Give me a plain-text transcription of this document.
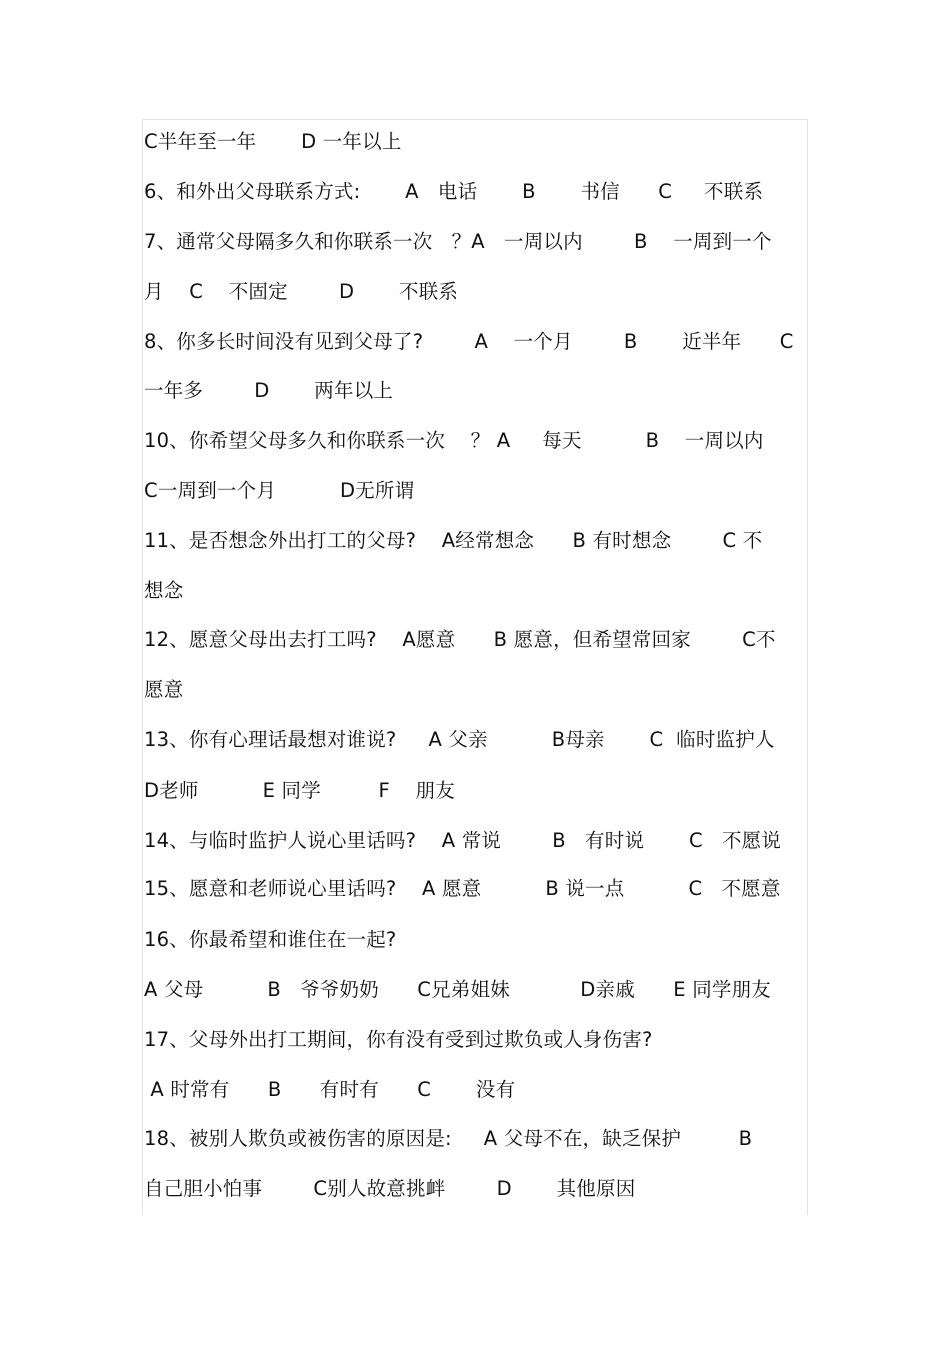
C半年至一年       D 一年以上
6、和外出父母联系方式:       A   电话       B       书信      C     不联系
7、通常父母隔多久和你联系一次   ？A   一周以内        B    一周到一个
月    C    不固定        D       不联系
8、你多长时间没有见到父母了?        A    一个月        B       近半年      C
一年多        D       两年以上
10、你希望父母多久和你联系一次    ？ A     每天          B    一周以内
C一周到一个月          D无所谓
11、是否想念外出打工的父母?    A经常想念      B 有时想念        C 不
想念
12、愿意父母出去打工吗?    A愿意      B 愿意，但希望常回家        C不
愿意
13、你有心理话最想对谁说?     A 父亲          B母亲       C  临时监护人
D老师          E 同学         F    朋友
14、与临时监护人说心里话吗?    A 常说        B   有时说       C   不愿说
15、愿意和老师说心里话吗?    A 愿意          B 说一点          C   不愿意
16、你最希望和谁住在一起?
A 父母          B   爷爷奶奶      C兄弟姐妹           D亲戚      E 同学朋友
17、父母外出打工期间，你有没有受到过欺负或人身伤害?
A 时常有      B      有时有      C       没有
18、被别人欺负或被伤害的原因是:     A 父母不在，缺乏保护         B
自己胆小怕事        C别人故意挑衅        D       其他原因
